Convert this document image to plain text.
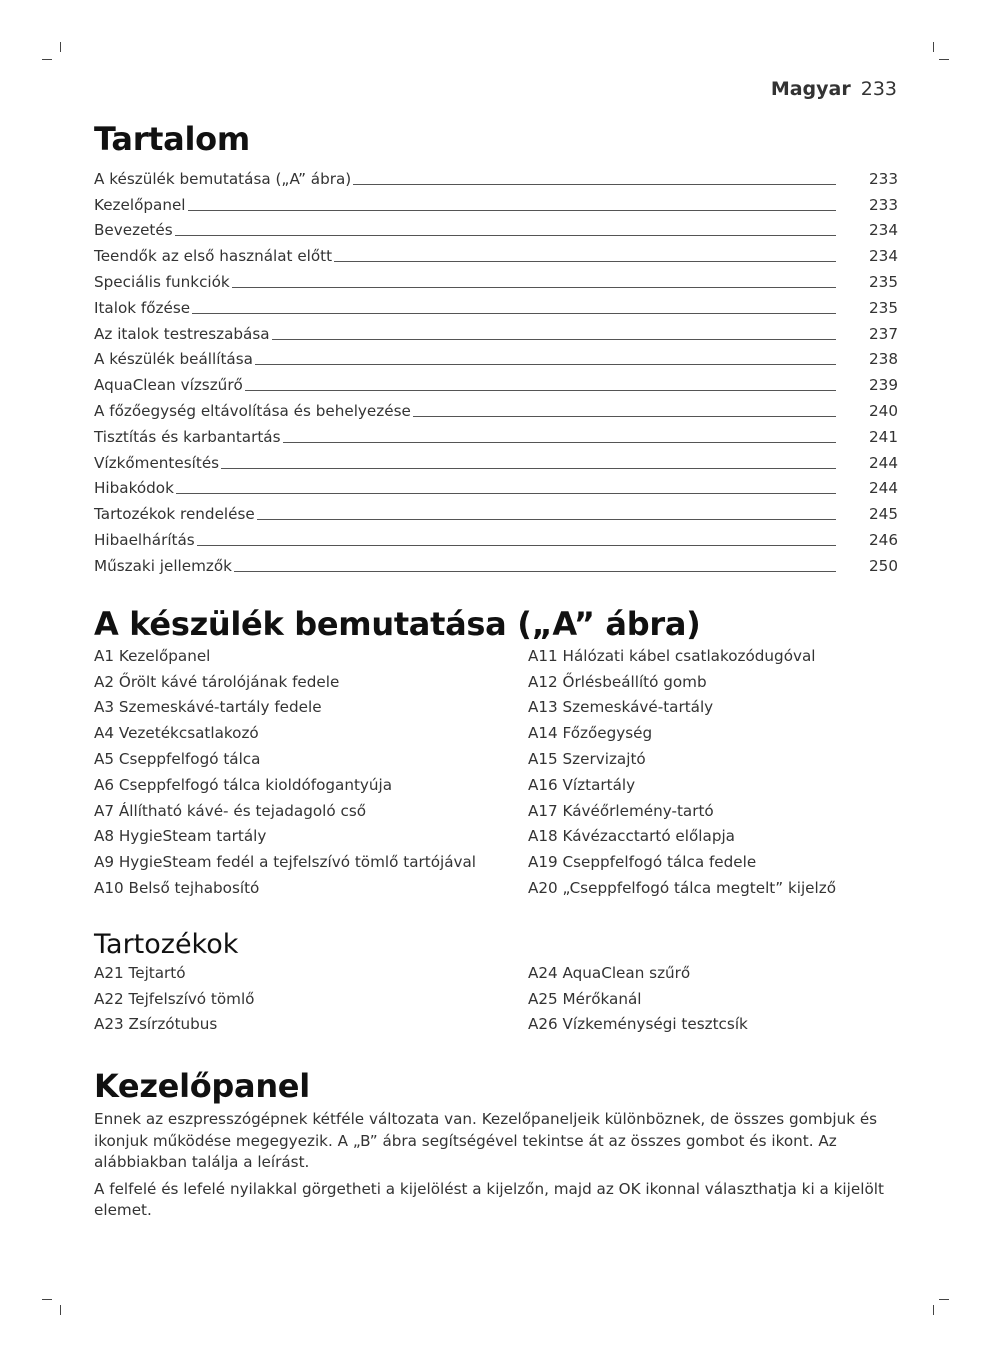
Magyar 233
Tartalom
A készülék bemutatása („A” ábra)	233
Kezelőpanel	233
Bevezetés	234
Teendők az első használat előtt	234
Speciális funkciók	235
Italok főzése	235
Az italok testreszabása	237
A készülék beállítása	238
AquaClean vízszűrő	239
A főzőegység eltávolítása és behelyezése	240
Tisztítás és karbantartás	241
Vízkőmentesítés	244
Hibakódok	244
Tartozékok rendelése	245
Hibaelhárítás	246
Műszaki jellemzők	250
A készülék bemutatása („A” ábra)
A1 Kezelőpanel
A2 Őrölt kávé tárolójának fedele
A3 Szemeskávé-tartály fedele
A4 Vezetékcsatlakozó
A5 Cseppfelfogó tálca
A6 Cseppfelfogó tálca kioldófogantyúja
A7 Állítható kávé- és tejadagoló cső
A8 HygieSteam tartály
A9 HygieSteam fedél a tejfelszívó tömlő tartójával
A10 Belső tejhabosító
A11 Hálózati kábel csatlakozódugóval
A12 Őrlésbeállító gomb
A13 Szemeskávé-tartály
A14 Főzőegység
A15 Szervizajtó
A16 Víztartály
A17 Kávéőrlemény-tartó
A18 Kávézacctartó előlapja
A19 Cseppfelfogó tálca fedele
A20 „Cseppfelfogó tálca megtelt” kijelző
Tartozékok
A21 Tejtartó
A22 Tejfelszívó tömlő
A23 Zsírzótubus
A24 AquaClean szűrő
A25 Mérőkanál
A26 Vízkeménységi tesztcsík
Kezelőpanel

Ennek az eszpresszógépnek kétféle változata van. Kezelőpaneljeik különböznek, de összes gombjuk és ikonjuk működése megegyezik. A „B” ábra segítségével tekintse át az összes gombot és ikont. Az alábbiakban találja a leírást.

A felfelé és lefelé nyilakkal görgetheti a kijelölést a kijelzőn, majd az OK ikonnal választhatja ki a kijelölt elemet.
